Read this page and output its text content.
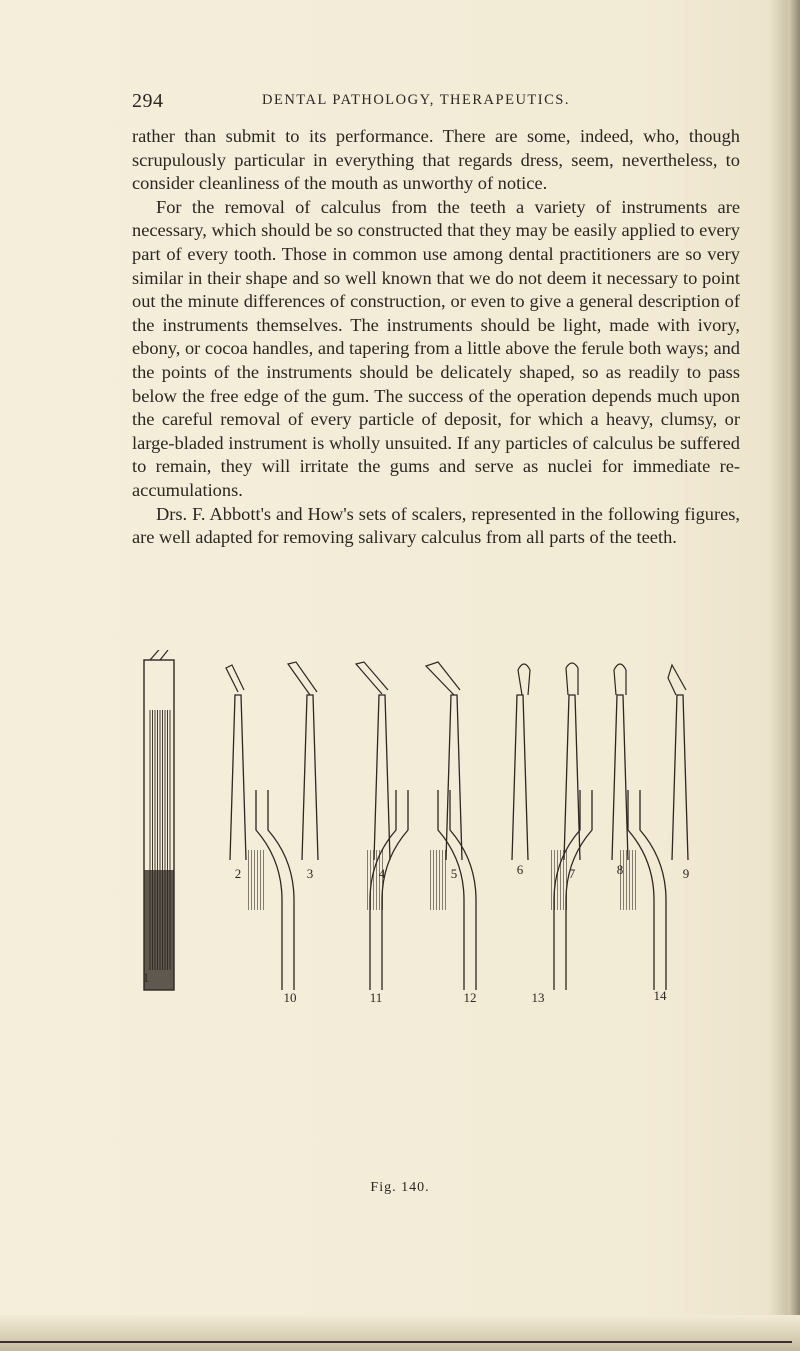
294	DENTAL PATHOLOGY, THERAPEUTICS.

rather than submit to its performance. There are some, indeed, who, though scrupulously particular in everything that regards dress, seem, nevertheless, to consider cleanliness of the mouth as unworthy of notice.

For the removal of calculus from the teeth a variety of instruments are necessary, which should be so constructed that they may be easily applied to every part of every tooth. Those in common use among dental practitioners are so very similar in their shape and so well known that we do not deem it necessary to point out the minute differences of construction, or even to give a general description of the instruments themselves. The instruments should be light, made with ivory, ebony, or cocoa handles, and tapering from a little above the ferule both ways; and the points of the instruments should be delicately shaped, so as readily to pass below the free edge of the gum. The success of the operation depends much upon the careful removal of every particle of deposit, for which a heavy, clumsy, or large-bladed instrument is wholly unsuited. If any particles of calculus be suffered to remain, they will irritate the gums and serve as nuclei for immediate re-accumulations.

Drs. F. Abbott's and How's sets of scalers, represented in the following figures, are well adapted for removing salivary calculus from all parts of the teeth.

1
2	3	4	5	6	7	8	9
10	11	12	13	14
Fig. 140.
